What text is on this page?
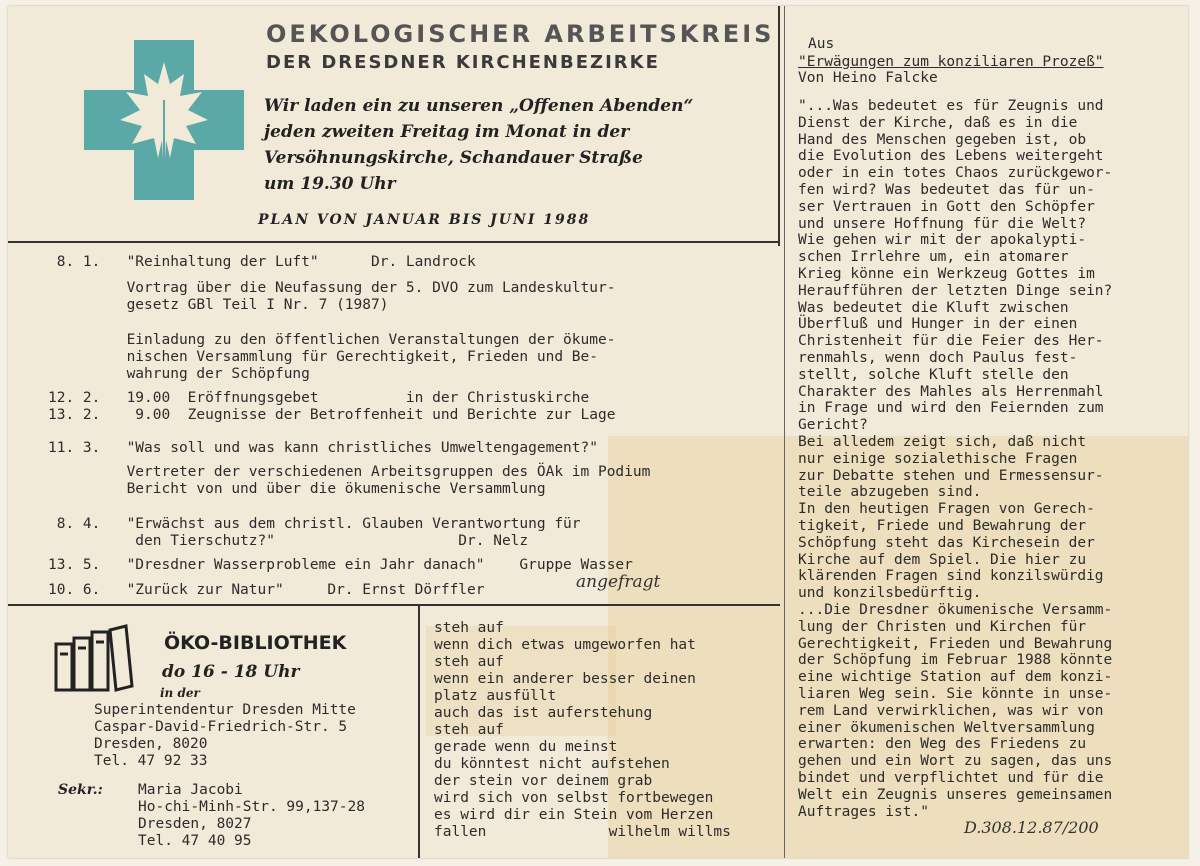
OEKOLOGISCHER ARBEITSKREIS
DER DRESDNER KIRCHENBEZIRKE
Wir laden ein zu unseren „Offenen Abenden“
jeden zweiten Freitag im Monat in der
Versöhnungskirche, Schandauer Straße
um 19.30 Uhr
PLAN VON JANUAR BIS JUNI 1988
8. 1.   "Reinhaltung der Luft"      Dr. Landrock
Vortrag über die Neufassung der 5. DVO zum Landeskultur-
gesetz GBl Teil I Nr. 7 (1987)
Einladung zu den öffentlichen Veranstaltungen der ökume-
nischen Versammlung für Gerechtigkeit, Frieden und Be-
wahrung der Schöpfung
12. 2.   19.00  Eröffnungsgebet          in der Christuskirche
13. 2.    9.00  Zeugnisse der Betroffenheit und Berichte zur Lage
11. 3.   "Was soll und was kann christliches Umweltengagement?"
Vertreter der verschiedenen Arbeitsgruppen des ÖAk im Podium
Bericht von und über die ökumenische Versammlung
8. 4.   "Erwächst aus dem christl. Glauben Verantwortung für
den Tierschutz?"                     Dr. Nelz
13. 5.   "Dresdner Wasserprobleme ein Jahr danach"    Gruppe Wasser
10. 6.   "Zurück zur Natur"     Dr. Ernst Dörffler	angefragt
ÖKO-BIBLIOTHEK
do 16 - 18 Uhr
in der
Superintendentur Dresden Mitte
Caspar-David-Friedrich-Str. 5
Dresden, 8020
Tel. 47 92 33
Sekr.: Maria Jacobi
Ho-chi-Minh-Str. 99,137-28
Dresden, 8027
Tel. 47 40 95
steh auf
wenn dich etwas umgeworfen hat
steh auf
wenn ein anderer besser deinen
platz ausfüllt
auch das ist auferstehung
steh auf
gerade wenn du meinst
du könntest nicht aufstehen
der stein vor deinem grab
wird sich von selbst fortbewegen
es wird dir ein Stein vom Herzen
fallen              wilhelm willms
Aus
"Erwägungen zum konziliaren Prozeß"
Von Heino Falcke
"...Was bedeutet es für Zeugnis und
Dienst der Kirche, daß es in die
Hand des Menschen gegeben ist, ob
die Evolution des Lebens weitergeht
oder in ein totes Chaos zurückgewor-
fen wird? Was bedeutet das für un-
ser Vertrauen in Gott den Schöpfer
und unsere Hoffnung für die Welt?
Wie gehen wir mit der apokalypti-
schen Irrlehre um, ein atomarer
Krieg könne ein Werkzeug Gottes im
Heraufführen der letzten Dinge sein?
Was bedeutet die Kluft zwischen
Überfluß und Hunger in der einen
Christenheit für die Feier des Her-
renmahls, wenn doch Paulus fest-
stellt, solche Kluft stelle den
Charakter des Mahles als Herrenmahl
in Frage und wird den Feiernden zum
Gericht?
Bei alledem zeigt sich, daß nicht
nur einige sozialethische Fragen
zur Debatte stehen und Ermessensur-
teile abzugeben sind.
In den heutigen Fragen von Gerech-
tigkeit, Friede und Bewahrung der
Schöpfung steht das Kirchesein der
Kirche auf dem Spiel. Die hier zu
klärenden Fragen sind konzilswürdig
und konzilsbedürftig.
...Die Dresdner ökumenische Versamm-
lung der Christen und Kirchen für
Gerechtigkeit, Frieden und Bewahrung
der Schöpfung im Februar 1988 könnte
eine wichtige Station auf dem konzi-
liaren Weg sein. Sie könnte in unse-
rem Land verwirklichen, was wir von
einer ökumenischen Weltversammlung
erwarten: den Weg des Friedens zu
gehen und ein Wort zu sagen, das uns
bindet und verpflichtet und für die
Welt ein Zeugnis unseres gemeinsamen
Auftrages ist."
D.308.12.87/200
